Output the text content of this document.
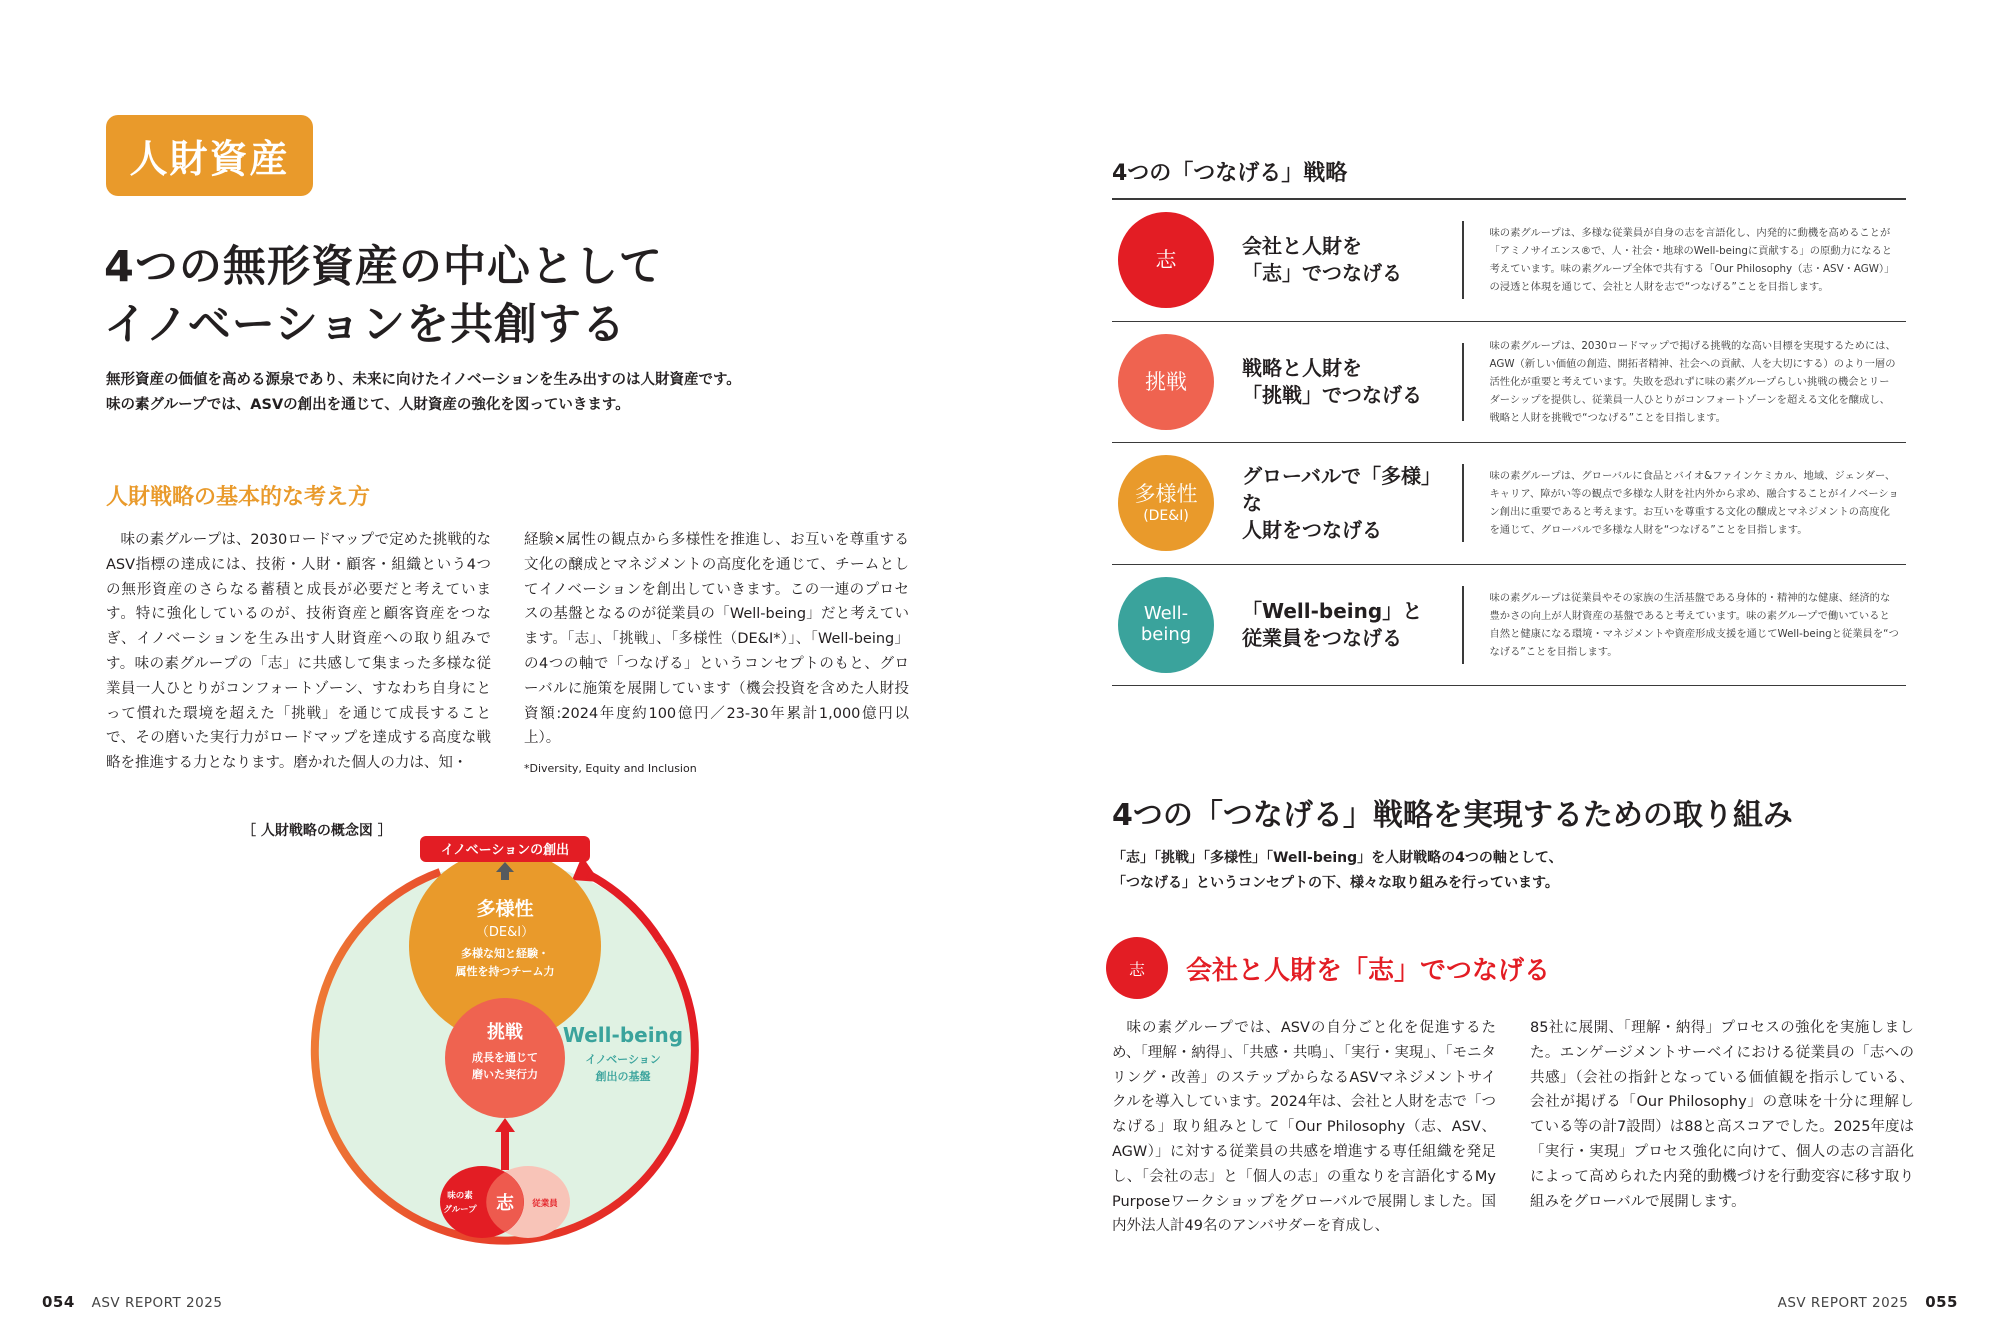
人財資産
4つの無形資産の中心として
イノベーションを共創する

無形資産の価値を高める源泉であり、未来に向けたイノベーションを生み出すのは人財資産です。
味の素グループでは、ASVの創出を通じて、人財資産の強化を図っていきます。

人財戦略の基本的な考え方

味の素グループは、2030ロードマップで定めた挑戦的なASV指標の達成には、技術・人財・顧客・組織という4つの無形資産のさらなる蓄積と成長が必要だと考えています。特に強化しているのが、技術資産と顧客資産をつなぎ、イノベーションを生み出す人財資産への取り組みです。味の素グループの「志」に共感して集まった多様な従業員一人ひとりがコンフォートゾーン、すなわち自身にとって慣れた環境を超えた「挑戦」を通じて成長することで、その磨いた実行力がロードマップを達成する高度な戦略を推進する力となります。磨かれた個人の力は、知・

経験×属性の観点から多様性を推進し、お互いを尊重する文化の醸成とマネジメントの高度化を通じて、チームとしてイノベーションを創出していきます。この一連のプロセスの基盤となるのが従業員の「Well-being」だと考えています。「志」、「挑戦」、「多様性（DE&I*）」、「Well-being」の4つの軸で「つなげる」というコンセプトのもと、グローバルに施策を展開しています（機会投資を含めた人財投資額:2024年度約100億円／23-30年累計1,000億円以上）。

*Diversity, Equity and Inclusion

［ 人財戦略の概念図 ］
多様性
（DE&I）
多様な知と経験・
属性を持つチーム力
イノベーションの創出
挑戦
成長を通じて
磨いた実行力
Well-being
イノベーション
創出の基盤
味の素
グループ 志 従業員
054 ASV REPORT 2025
4つの「つなげる」戦略
志
会社と人財を
「志」でつなげる

味の素グループは、多様な従業員が自身の志を言語化し、内発的に動機を高めることが「アミノサイエンス®で、人・社会・地球のWell-beingに貢献する」の原動力になると考えています。味の素グループ全体で共有する「Our Philosophy（志・ASV・AGW）」の浸透と体現を通じて、会社と人財を志で“つなげる”ことを目指します。

挑戦
戦略と人財を
「挑戦」でつなげる

味の素グループは、2030ロードマップで掲げる挑戦的な高い目標を実現するためには、AGW（新しい価値の創造、開拓者精神、社会への貢献、人を大切にする）のより一層の活性化が重要と考えています。失敗を恐れずに味の素グループらしい挑戦の機会とリーダーシップを提供し、従業員一人ひとりがコンフォートゾーンを超える文化を醸成し、戦略と人財を挑戦で“つなげる”ことを目指します。

多様性
(DE&I)
グローバルで「多様」な
人財をつなげる

味の素グループは、グローバルに食品とバイオ&ファインケミカル、地域、ジェンダー、キャリア、障がい等の観点で多様な人財を社内外から求め、融合することがイノベーション創出に重要であると考えます。お互いを尊重する文化の醸成とマネジメントの高度化を通じて、グローバルで多様な人財を“つなげる”ことを目指します。

Well-
being
「Well-being」と
従業員をつなげる

味の素グループは従業員やその家族の生活基盤である身体的・精神的な健康、経済的な豊かさの向上が人財資産の基盤であると考えています。味の素グループで働いていると自然と健康になる環境・マネジメントや資産形成支援を通じてWell-beingと従業員を“つなげる”ことを目指します。

4つの「つなげる」戦略を実現するための取り組み

「志」「挑戦」「多様性」「Well-being」を人財戦略の4つの軸として、
「つなげる」というコンセプトの下、様々な取り組みを行っています。

志	会社と人財を「志」でつなげる

味の素グループでは、ASVの自分ごと化を促進するため、「理解・納得」、「共感・共鳴」、「実行・実現」、「モニタリング・改善」のステップからなるASVマネジメントサイクルを導入しています。2024年は、会社と人財を志で「つなげる」取り組みとして「Our Philosophy（志、ASV、AGW）」に対する従業員の共感を増進する専任組織を発足し、「会社の志」と「個人の志」の重なりを言語化するMy Purposeワークショップをグローバルで展開しました。国内外法人計49名のアンバサダーを育成し、

85社に展開、「理解・納得」プロセスの強化を実施しました。エンゲージメントサーベイにおける従業員の「志への共感」（会社の指針となっている価値観を指示している、会社が掲げる「Our Philosophy」の意味を十分に理解している等の計7設問）は88と高スコアでした。2025年度は「実行・実現」プロセス強化に向けて、個人の志の言語化によって高められた内発的動機づけを行動変容に移す取り組みをグローバルで展開します。

ASV REPORT 2025 055
